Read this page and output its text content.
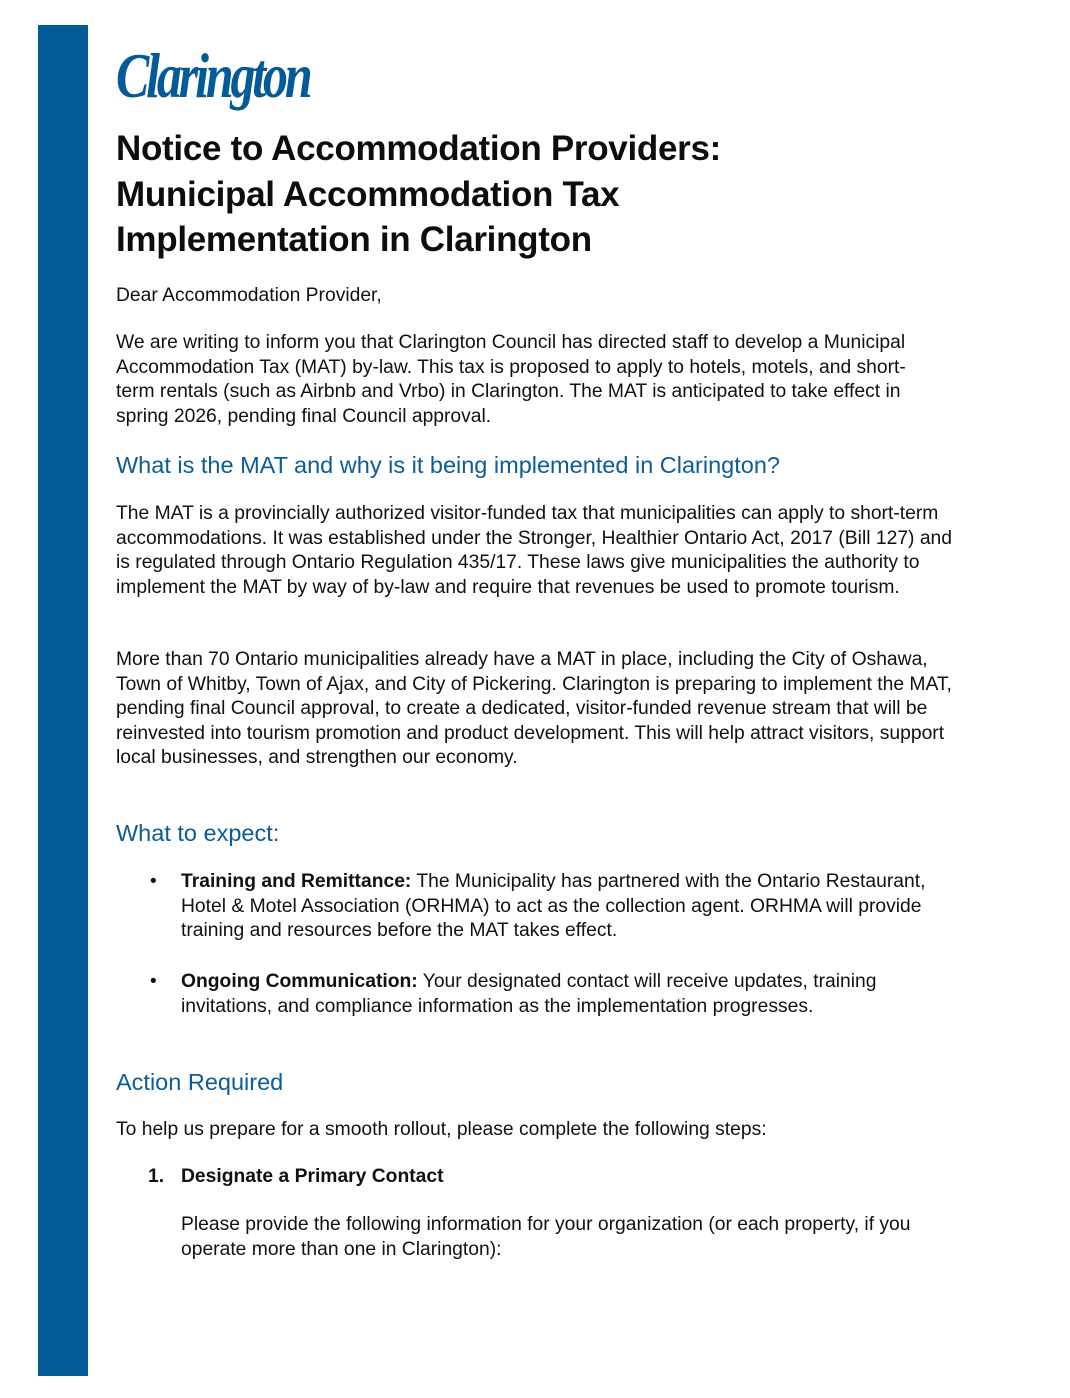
Clarington
Notice to Accommodation Providers:
Municipal Accommodation Tax
Implementation in Clarington

Dear Accommodation Provider,

We are writing to inform you that Clarington Council has directed staff to develop a Municipal Accommodation Tax (MAT) by-law. This tax is proposed to apply to hotels, motels, and short-term rentals (such as Airbnb and Vrbo) in Clarington. The MAT is anticipated to take effect in spring 2026, pending final Council approval.

What is the MAT and why is it being implemented in Clarington?

The MAT is a provincially authorized visitor-funded tax that municipalities can apply to short-term accommodations. It was established under the Stronger, Healthier Ontario Act, 2017 (Bill 127) and is regulated through Ontario Regulation 435/17. These laws give municipalities the authority to implement the MAT by way of by-law and require that revenues be used to promote tourism.

More than 70 Ontario municipalities already have a MAT in place, including the City of Oshawa, Town of Whitby, Town of Ajax, and City of Pickering. Clarington is preparing to implement the MAT, pending final Council approval, to create a dedicated, visitor-funded revenue stream that will be reinvested into tourism promotion and product development. This will help attract visitors, support local businesses, and strengthen our economy.

What to expect:
• Training and Remittance: The Municipality has partnered with the Ontario Restaurant, Hotel & Motel Association (ORHMA) to act as the collection agent. ORHMA will provide training and resources before the MAT takes effect.

• Ongoing Communication: Your designated contact will receive updates, training invitations, and compliance information as the implementation progresses.

Action Required

To help us prepare for a smooth rollout, please complete the following steps:

1. Designate a Primary Contact

Please provide the following information for your organization (or each property, if you operate more than one in Clarington):
